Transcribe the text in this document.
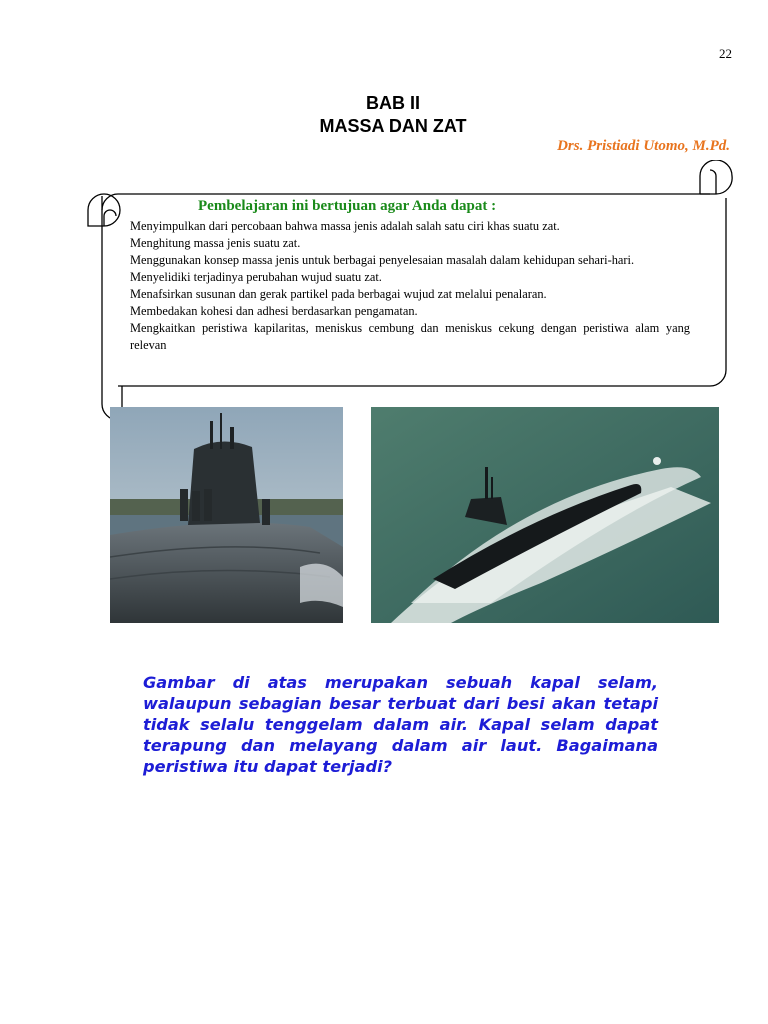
22
BAB II
MASSA DAN ZAT
Drs. Pristiadi Utomo, M.Pd.
Pembelajaran ini bertujuan agar Anda dapat :
Menyimpulkan dari percobaan bahwa massa jenis adalah salah satu ciri khas suatu zat.
Menghitung massa jenis suatu zat.
Menggunakan konsep massa jenis untuk berbagai penyelesaian masalah dalam kehidupan sehari-hari.
Menyelidiki terjadinya perubahan wujud suatu zat.
Menafsirkan susunan dan gerak partikel pada berbagai wujud zat melalui penalaran.
Membedakan kohesi dan adhesi berdasarkan pengamatan.
Mengkaitkan peristiwa kapilaritas, meniskus cembung dan meniskus cekung dengan peristiwa alam yang relevan
Gambar di atas merupakan sebuah kapal selam, walaupun sebagian besar terbuat dari besi akan tetapi tidak selalu tenggelam dalam air. Kapal selam dapat terapung dan melayang dalam air laut. Bagaimana peristiwa itu dapat terjadi?
